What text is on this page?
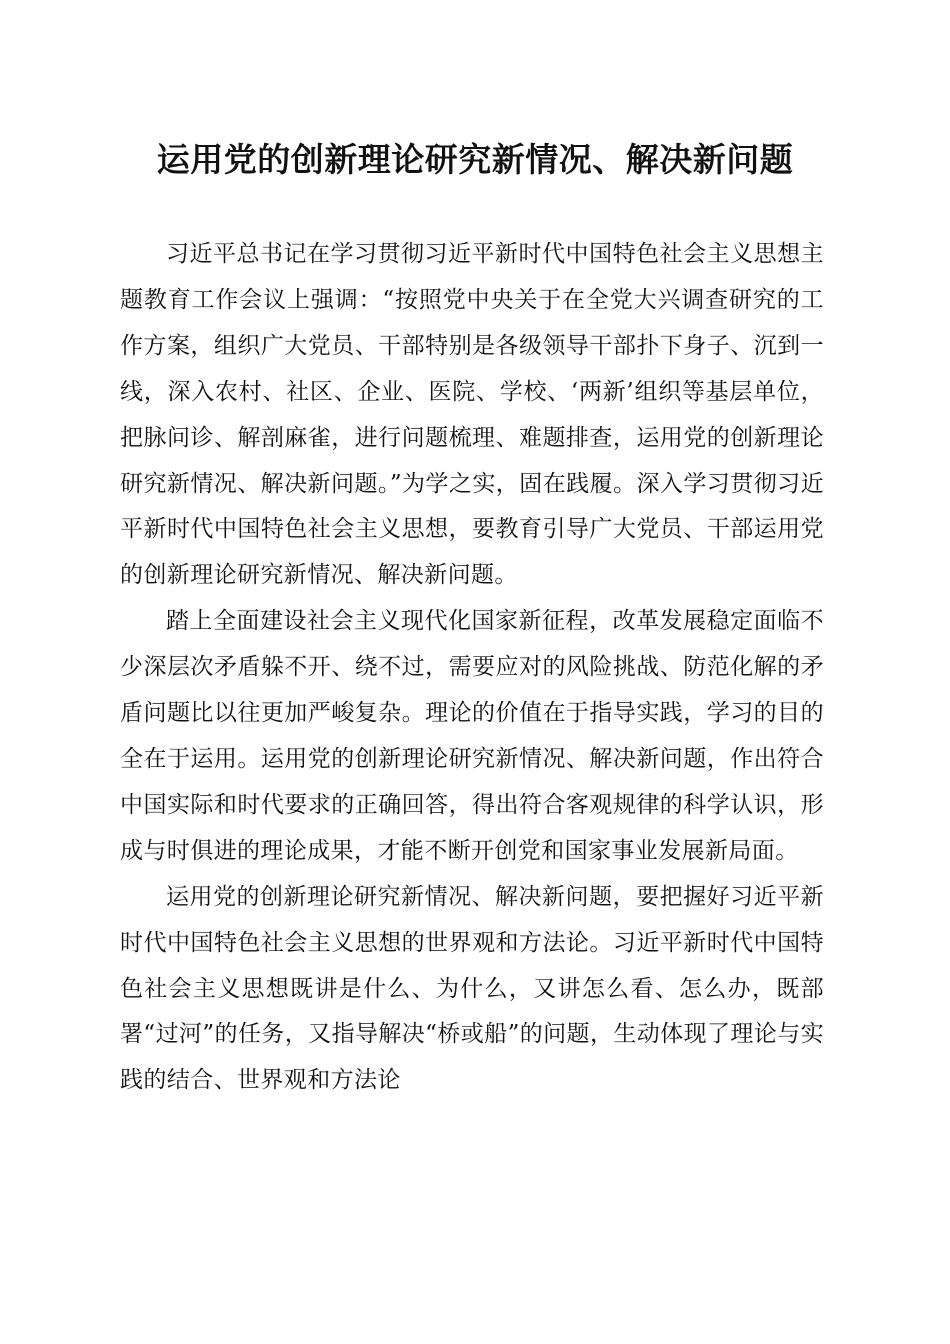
运用党的创新理论研究新情况、解决新问题

习近平总书记在学习贯彻习近平新时代中国特色社会主义思想主题教育工作会议上强调：“按照党中央关于在全党大兴调查研究的工作方案，组织广大党员、干部特别是各级领导干部扑下身子、沉到一线，深入农村、社区、企业、医院、学校、‘两新’组织等基层单位，把脉问诊、解剖麻雀，进行问题梳理、难题排查，运用党的创新理论研究新情况、解决新问题。”为学之实，固在践履。深入学习贯彻习近平新时代中国特色社会主义思想，要教育引导广大党员、干部运用党的创新理论研究新情况、解决新问题。

踏上全面建设社会主义现代化国家新征程，改革发展稳定面临不少深层次矛盾躲不开、绕不过，需要应对的风险挑战、防范化解的矛盾问题比以往更加严峻复杂。理论的价值在于指导实践，学习的目的全在于运用。运用党的创新理论研究新情况、解决新问题，作出符合中国实际和时代要求的正确回答，得出符合客观规律的科学认识，形成与时俱进的理论成果，才能不断开创党和国家事业发展新局面。

运用党的创新理论研究新情况、解决新问题，要把握好习近平新时代中国特色社会主义思想的世界观和方法论。习近平新时代中国特色社会主义思想既讲是什么、为什么，又讲怎么看、怎么办，既部署“过河”的任务，又指导解决“桥或船”的问题，生动体现了理论与实践的结合、世界观和方法论
